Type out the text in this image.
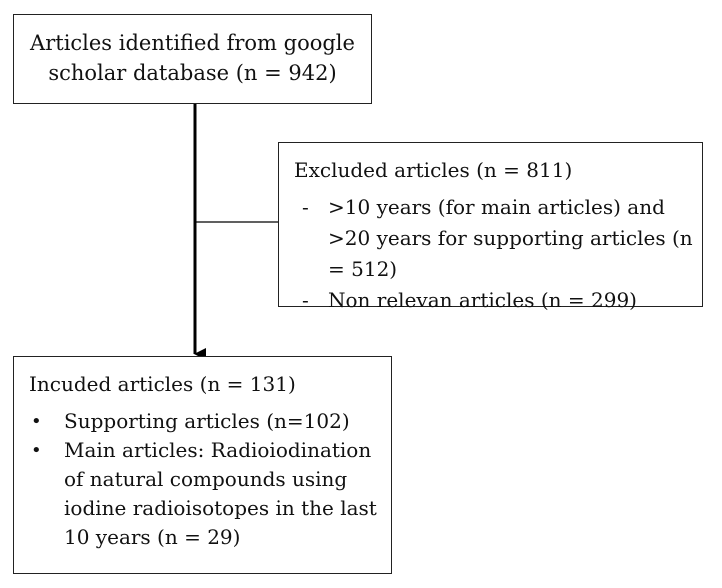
Articles identified from google
scholar database (n = 942)
Excluded articles (n = 811)
- >10 years (for main articles) and >20 years for supporting articles (n = 512)
- Non relevan articles (n = 299)
Incuded articles (n = 131)
• Supporting articles (n=102)
• Main articles: Radioiodination of natural compounds using iodine radioisotopes in the last 10 years (n = 29)
